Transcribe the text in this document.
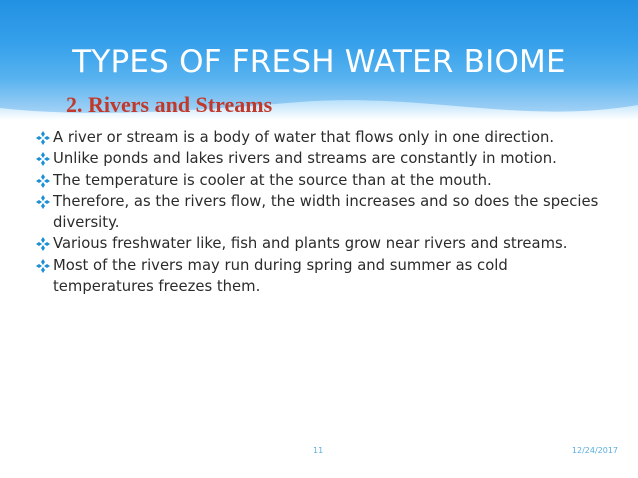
TYPES OF FRESH WATER BIOME
2. Rivers and Streams

A river or stream is a body of water that flows only in one direction.

Unlike ponds and lakes rivers and streams are constantly in motion.

The temperature is cooler at the source than at the mouth.

Therefore, as the rivers flow, the width increases and so does the species diversity.

Various freshwater like, fish and plants grow near rivers and streams.

Most of the rivers may run during spring and summer as cold temperatures freezes them.

11	12/24/2017
